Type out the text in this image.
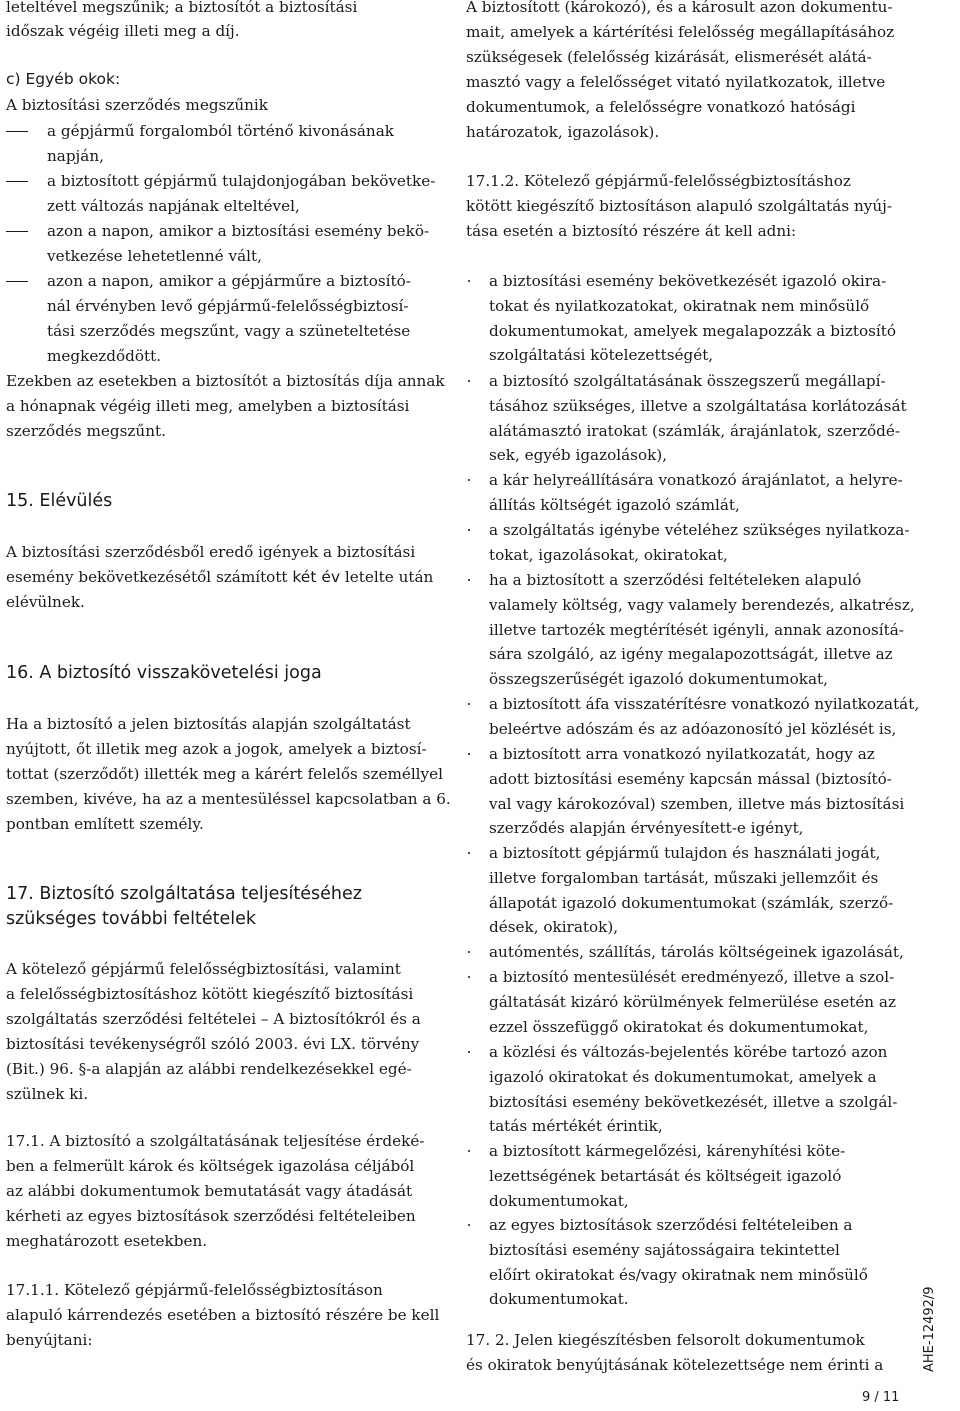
leteltével megszűnik; a biztosítót a biztosítási
időszak végéig illeti meg a díj.
c) Egyéb okok:
A biztosítási szerződés megszűnik
a gépjármű forgalomból történő kivonásának
napján,
a biztosított gépjármű tulajdonjogában bekövetke-
zett változás napjának elteltével,
azon a napon, amikor a biztosítási esemény bekö-
vetkezése lehetetlenné vált,
azon a napon, amikor a gépjárműre a biztosító-
nál érvényben levő gépjármű-felelősségbiztosí-
tási szerződés megszűnt, vagy a szüneteltetése
megkezdődött.
Ezekben az esetekben a biztosítót a biztosítás díja annak
a hónapnak végéig illeti meg, amelyben a biztosítási
szerződés megszűnt.
15. Elévülés
A biztosítási szerződésből eredő igények a biztosítási
esemény bekövetkezésétől számított két év letelte után
elévülnek.
16. A biztosító visszakövetelési joga
Ha a biztosító a jelen biztosítás alapján szolgáltatást
nyújtott, őt illetik meg azok a jogok, amelyek a biztosí-
tottat (szerződőt) illették meg a kárért felelős személlyel
szemben, kivéve, ha az a mentesüléssel kapcsolatban a 6.
pontban említett személy.
17. Biztosító szolgáltatása teljesítéséhez
szükséges további feltételek
A kötelező gépjármű felelősségbiztosítási, valamint
a felelősségbiztosításhoz kötött kiegészítő biztosítási
szolgáltatás szerződési feltételei – A biztosítókról és a
biztosítási tevékenységről szóló 2003. évi LX. törvény
(Bit.) 96. §-a alapján az alábbi rendelkezésekkel egé-
szülnek ki.
17.1. A biztosító a szolgáltatásának teljesítése érdeké-
ben a felmerült károk és költségek igazolása céljából
az alábbi dokumentumok bemutatását vagy átadását
kérheti az egyes biztosítások szerződési feltételeiben
meghatározott esetekben.
17.1.1. Kötelező gépjármű-felelősségbiztosításon
alapuló kárrendezés esetében a biztosító részére be kell
benyújtani:
A biztosított (károkozó), és a károsult azon dokumentu-
mait, amelyek a kártérítési felelősség megállapításához
szükségesek (felelősség kizárását, elismerését alátá-
masztó vagy a felelősséget vitató nyilatkozatok, illetve
dokumentumok, a felelősségre vonatkozó hatósági
határozatok, igazolások).
17.1.2. Kötelező gépjármű-felelősségbiztosításhoz
kötött kiegészítő biztosításon alapuló szolgáltatás nyúj-
tása esetén a biztosító részére át kell adni:
a biztosítási esemény bekövetkezését igazoló okira-
tokat és nyilatkozatokat, okiratnak nem minősülő
dokumentumokat, amelyek megalapozzák a biztosító
szolgáltatási kötelezettségét,
a biztosító szolgáltatásának összegszerű megállapí-
tásához szükséges, illetve a szolgáltatása korlátozását
alátámasztó iratokat (számlák, árajánlatok, szerződé-
sek, egyéb igazolások),
a kár helyreállítására vonatkozó árajánlatot, a helyre-
állítás költségét igazoló számlát,
a szolgáltatás igénybe vételéhez szükséges nyilatkoza-
tokat, igazolásokat, okiratokat,
ha a biztosított a szerződési feltételeken alapuló
valamely költség, vagy valamely berendezés, alkatrész,
illetve tartozék megtérítését igényli, annak azonosítá-
sára szolgáló, az igény megalapozottságát, illetve az
összegszerűségét igazoló dokumentumokat,
a biztosított áfa visszatérítésre vonatkozó nyilatkozatát,
beleértve adószám és az adóazonosító jel közlését is,
a biztosított arra vonatkozó nyilatkozatát, hogy az
adott biztosítási esemény kapcsán mással (biztosító-
val vagy károkozóval) szemben, illetve más biztosítási
szerződés alapján érvényesített-e igényt,
a biztosított gépjármű tulajdon és használati jogát,
illetve forgalomban tartását, műszaki jellemzőit és
állapotát igazoló dokumentumokat (számlák, szerző-
dések, okiratok),
autómentés, szállítás, tárolás költségeinek igazolását,
a biztosító mentesülését eredményező, illetve a szol-
gáltatását kizáró körülmények felmerülése esetén az
ezzel összefüggő okiratokat és dokumentumokat,
a közlési és változás-bejelentés körébe tartozó azon
igazoló okiratokat és dokumentumokat, amelyek a
biztosítási esemény bekövetkezését, illetve a szolgál-
tatás mértékét érintik,
a biztosított kármegelőzési, kárenyhítési köte-
lezettségének betartását és költségeit igazoló
dokumentumokat,
az egyes biztosítások szerződési feltételeiben a
biztosítási esemény sajátosságaira tekintettel
előírt okiratokat és/vagy okiratnak nem minősülő
dokumentumokat.
17. 2. Jelen kiegészítésben felsorolt dokumentumok
és okiratok benyújtásának kötelezettsége nem érinti a	AHE-12492/9
9 / 11
